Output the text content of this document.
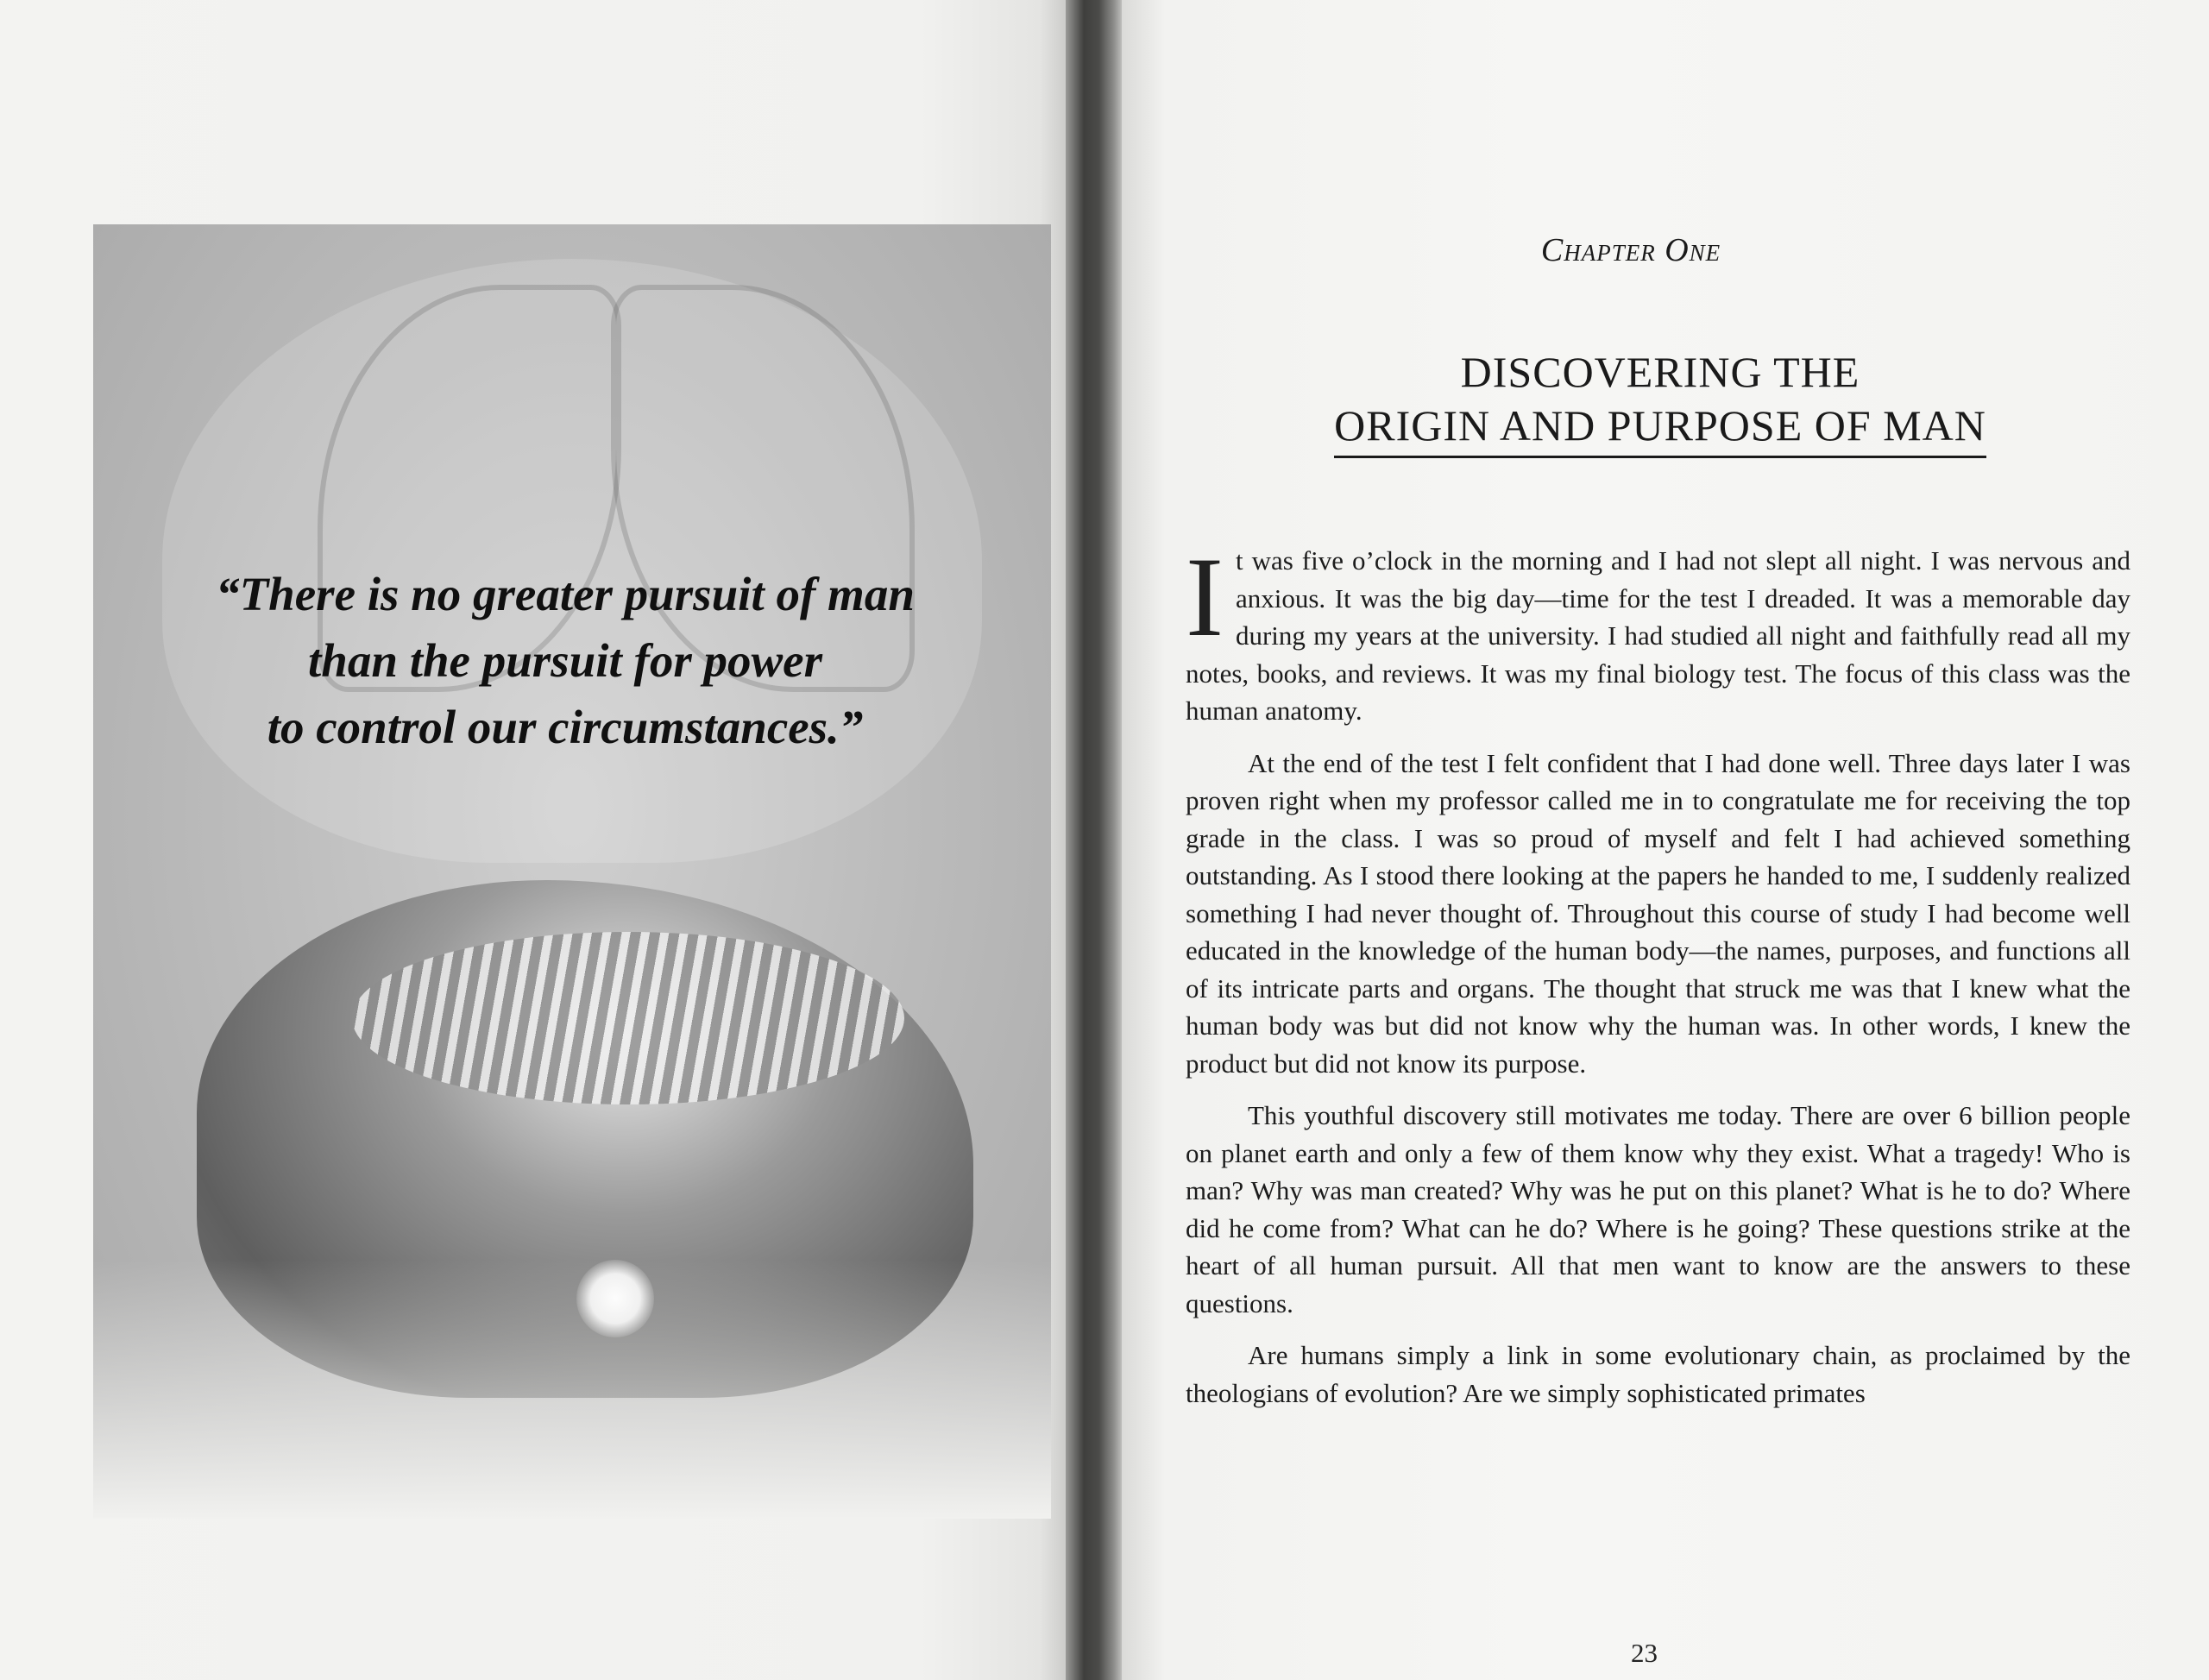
“There is no greater pursuit of man
than the pursuit for power
to control our circumstances.”
Chapter One
DISCOVERING THE
ORIGIN AND PURPOSE OF MAN

It was five o’clock in the morning and I had not slept all night. I was nervous and anxious. It was the big day—time for the test I dreaded. It was a memorable day during my years at the university. I had studied all night and faithfully read all my notes, books, and reviews. It was my final biology test. The focus of this class was the human anatomy.

At the end of the test I felt confident that I had done well. Three days later I was proven right when my professor called me in to congratulate me for receiving the top grade in the class. I was so proud of myself and felt I had achieved something outstanding. As I stood there looking at the papers he handed to me, I suddenly realized something I had never thought of. Throughout this course of study I had become well educated in the knowledge of the human body—the names, purposes, and functions all of its intricate parts and organs. The thought that struck me was that I knew what the human body was but did not know why the human was. In other words, I knew the product but did not know its purpose.

This youthful discovery still motivates me today. There are over 6 billion people on planet earth and only a few of them know why they exist. What a tragedy! Who is man? Why was man created? Why was he put on this planet? What is he to do? Where did he come from? What can he do? Where is he going? These questions strike at the heart of all human pursuit. All that men want to know are the answers to these questions.

Are humans simply a link in some evolutionary chain, as proclaimed by the theologians of evolution? Are we simply sophisticated primates

23
